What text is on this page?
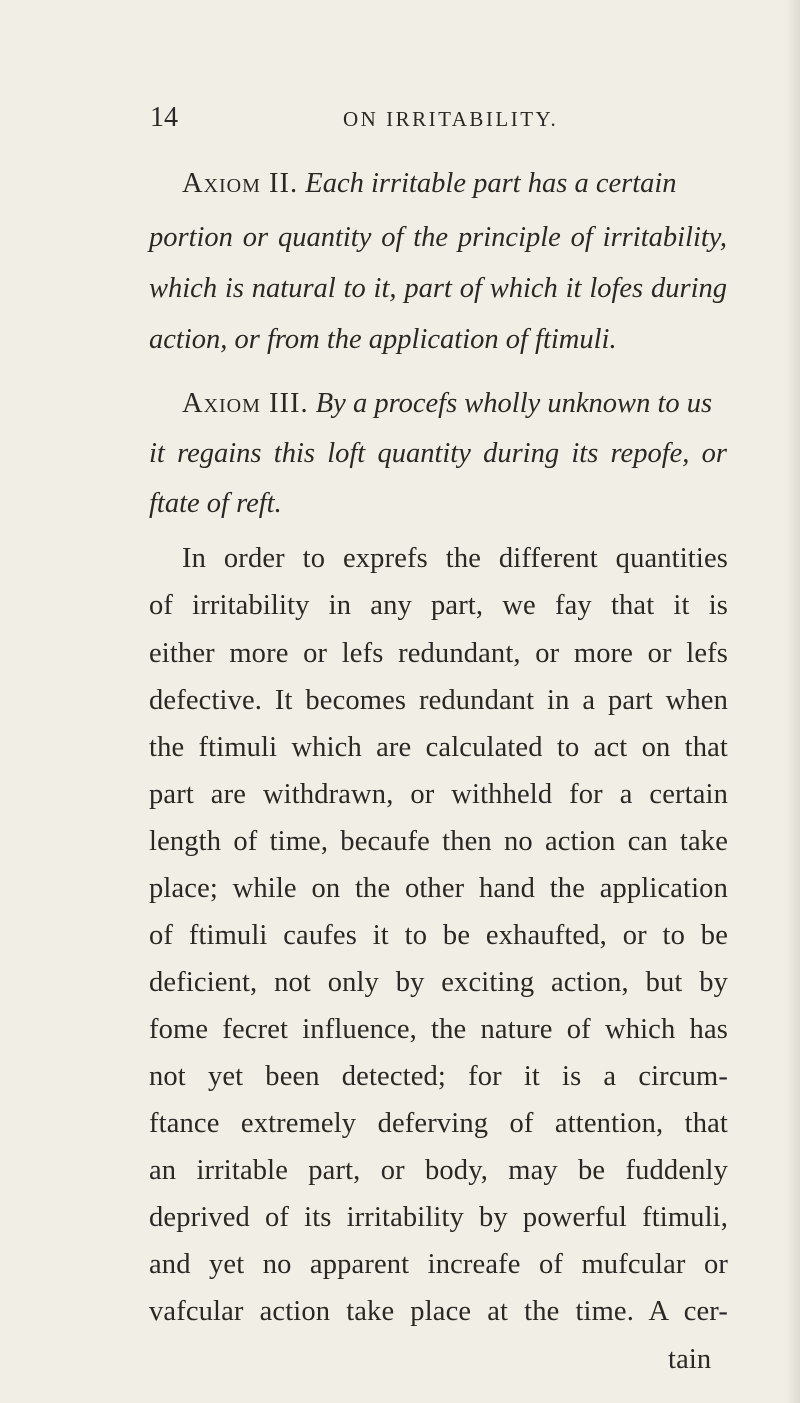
14	ON IRRITABILITY.
Axiom II. Each irritable part has a certain
portion or quantity of the principle of irritability,
which is natural to it, part of which it lofes during
action, or from the application of ftimuli.
Axiom III. By a procefs wholly unknown to us
it regains this loft quantity during its repofe, or
ftate of reft.
In order to exprefs the different quantities
of irritability in any part, we fay that it is
either more or lefs redundant, or more or lefs
defective. It becomes redundant in a part when
the ftimuli which are calculated to act on that
part are withdrawn, or withheld for a certain
length of time, becaufe then no action can take
place; while on the other hand the application
of ftimuli caufes it to be exhaufted, or to be
deficient, not only by exciting action, but by
fome fecret influence, the nature of which has
not yet been detected; for it is a circum-
ftance extremely deferving of attention, that
an irritable part, or body, may be fuddenly
deprived of its irritability by powerful ftimuli,
and yet no apparent increafe of mufcular or
vafcular action take place at the time. A cer-
tain
